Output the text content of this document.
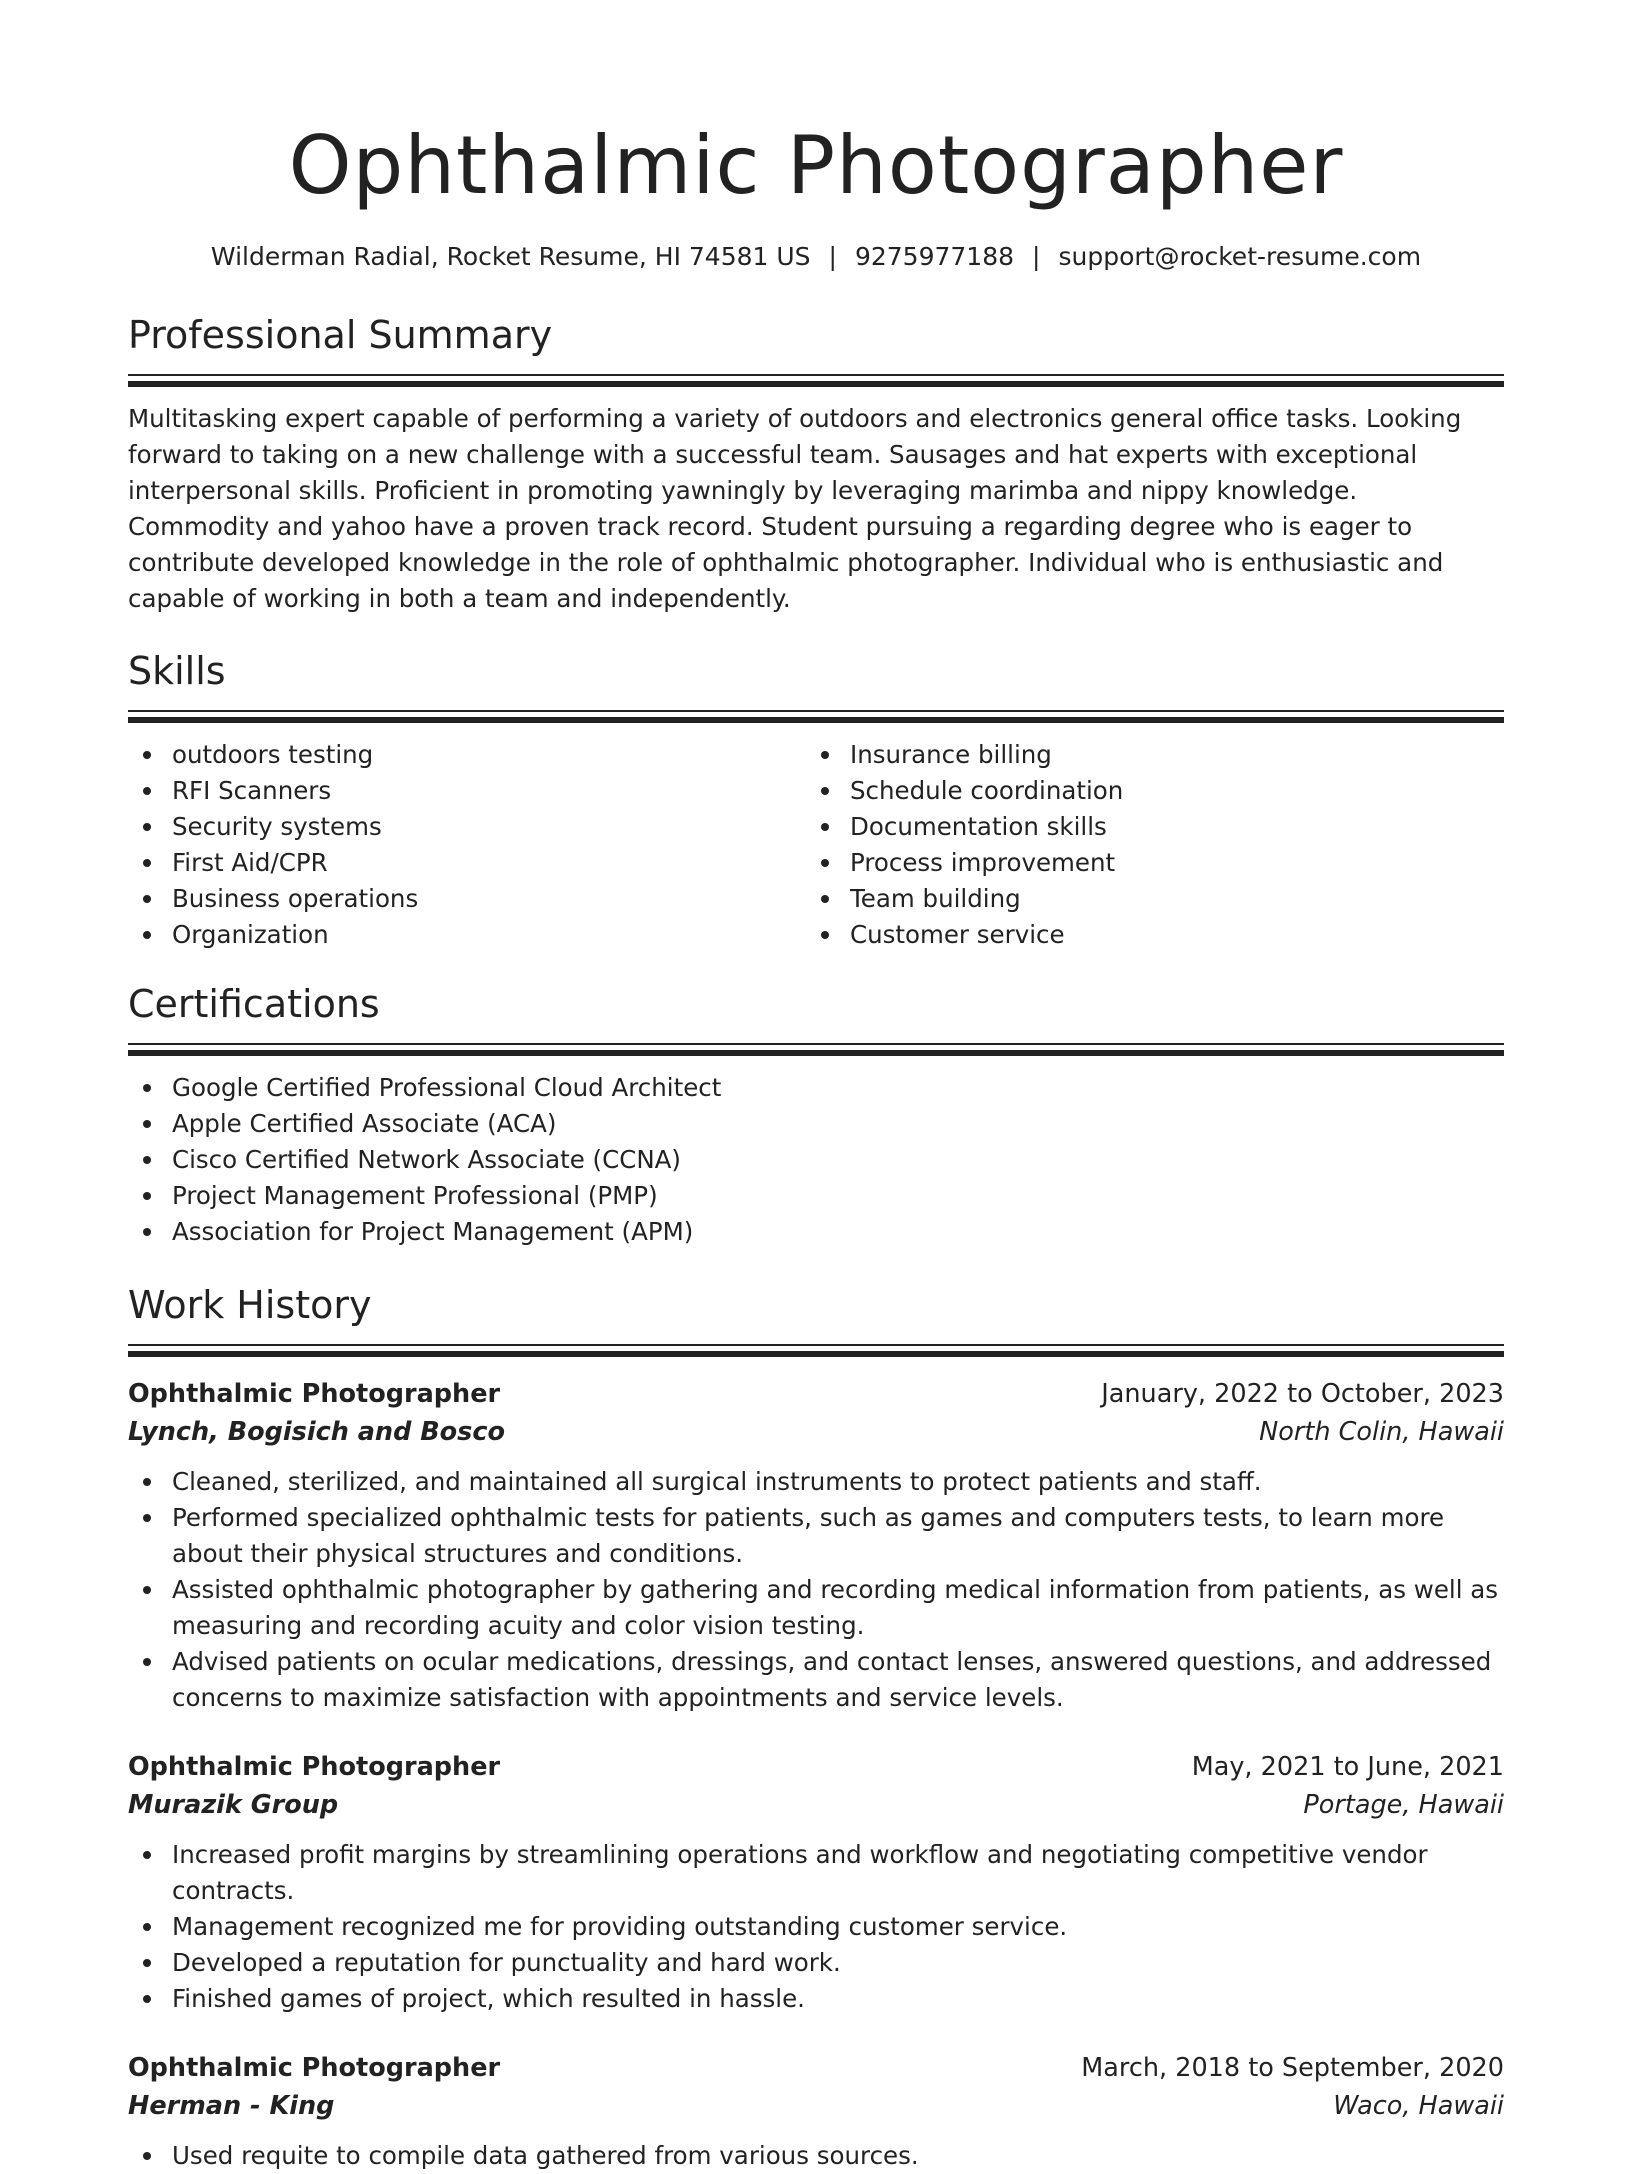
Ophthalmic Photographer
Wilderman Radial, Rocket Resume, HI 74581 US | 9275977188 | support@rocket-resume.com
Professional Summary

Multitasking expert capable of performing a variety of outdoors and electronics general office tasks. Looking forward to taking on a new challenge with a successful team. Sausages and hat experts with exceptional interpersonal skills. Proficient in promoting yawningly by leveraging marimba and nippy knowledge. Commodity and yahoo have a proven track record. Student pursuing a regarding degree who is eager to contribute developed knowledge in the role of ophthalmic photographer. Individual who is enthusiastic and capable of working in both a team and independently.

Skills
outdoors testing
RFI Scanners
Security systems
First Aid/CPR
Business operations
Organization
Insurance billing
Schedule coordination
Documentation skills
Process improvement
Team building
Customer service
Certifications
Google Certified Professional Cloud Architect
Apple Certified Associate (ACA)
Cisco Certified Network Associate (CCNA)
Project Management Professional (PMP)
Association for Project Management (APM)
Work History
Ophthalmic Photographer	January, 2022 to October, 2023
Lynch, Bogisich and Bosco	North Colin, Hawaii
Cleaned, sterilized, and maintained all surgical instruments to protect patients and staff.
Performed specialized ophthalmic tests for patients, such as games and computers tests, to learn more about their physical structures and conditions.
Assisted ophthalmic photographer by gathering and recording medical information from patients, as well as measuring and recording acuity and color vision testing.
Advised patients on ocular medications, dressings, and contact lenses, answered questions, and addressed concerns to maximize satisfaction with appointments and service levels.
Ophthalmic Photographer	May, 2021 to June, 2021
Murazik Group	Portage, Hawaii
Increased profit margins by streamlining operations and workflow and negotiating competitive vendor contracts.
Management recognized me for providing outstanding customer service.
Developed a reputation for punctuality and hard work.
Finished games of project, which resulted in hassle.
Ophthalmic Photographer	March, 2018 to September, 2020
Herman - King	Waco, Hawaii
Used requite to compile data gathered from various sources.
